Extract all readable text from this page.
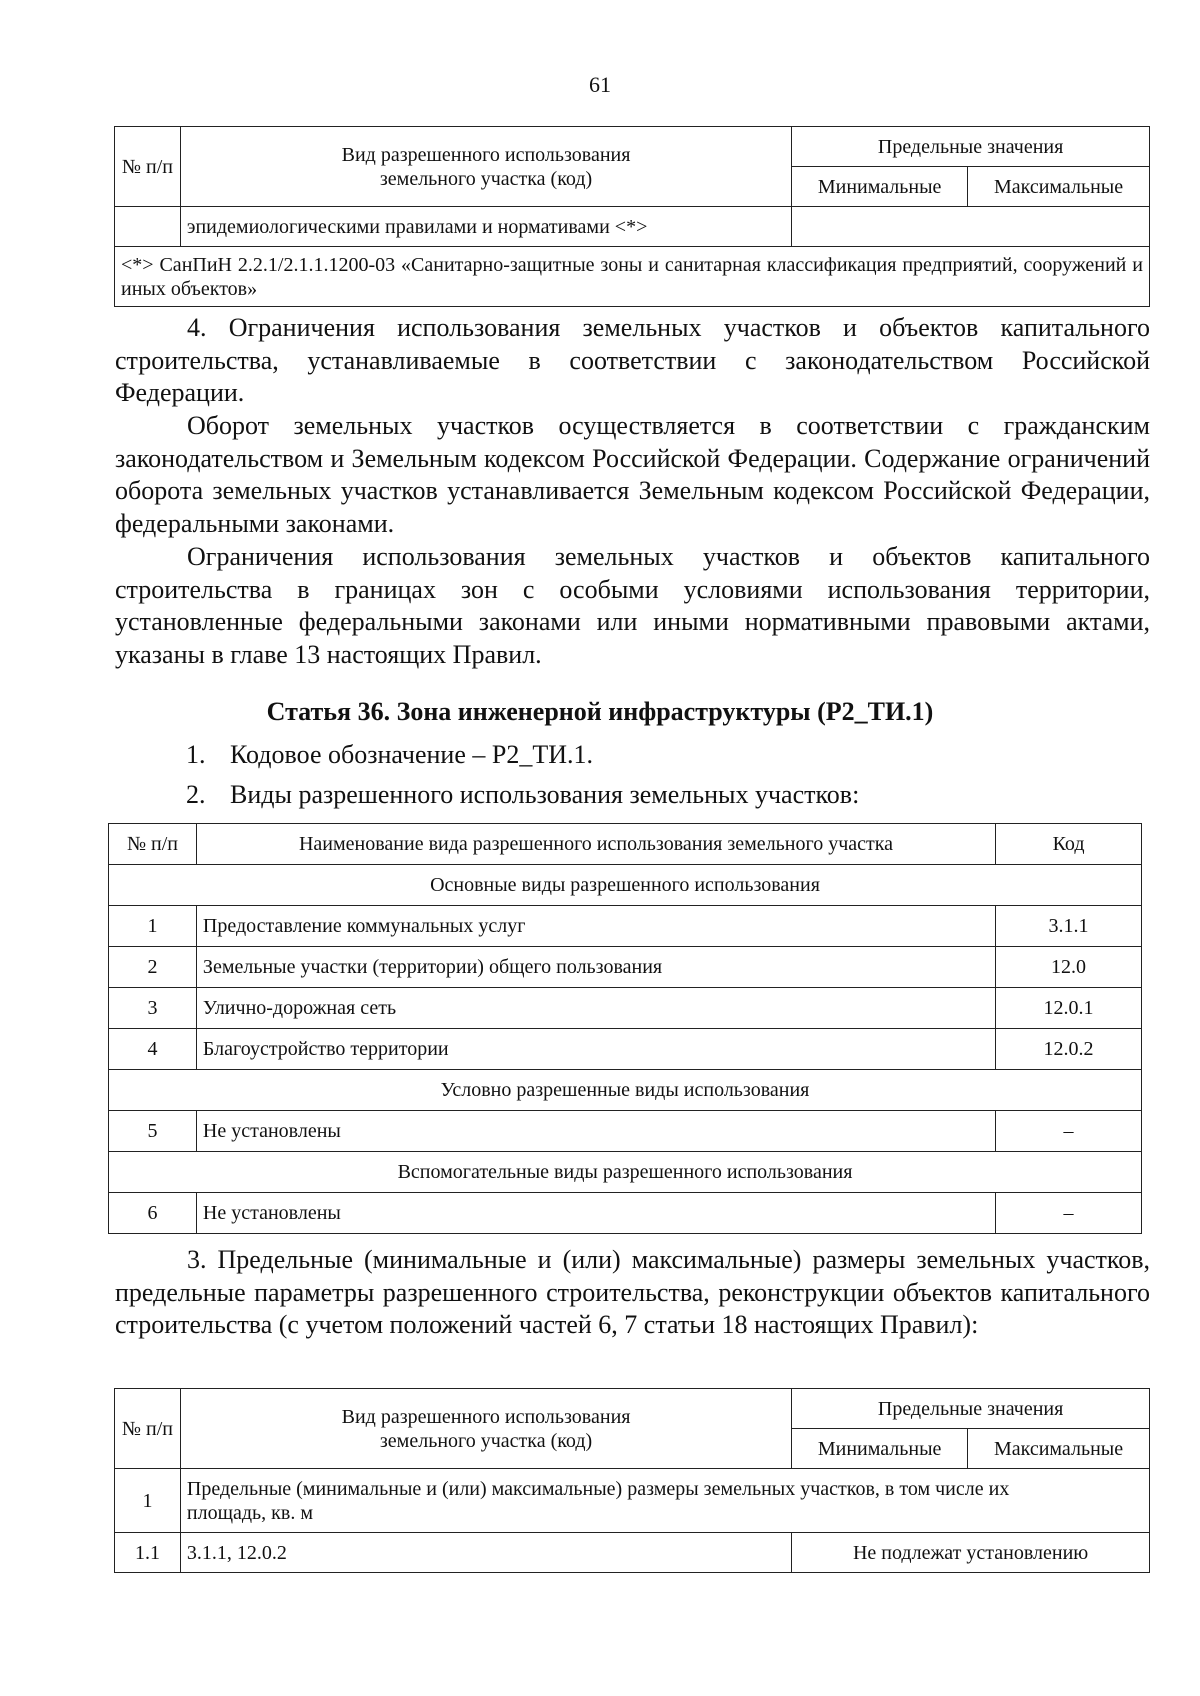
61
№ п/п	Вид разрешенного использования земельного участка (код)	Предельные значения	
		Минимальные	Максимальные
	эпидемиологическими правилами и нормативами <*>		
<*> СанПиН 2.2.1/2.1.1.1200-03 «Санитарно-защитные зоны и санитарная классификация предприятий, сооружений и иных объектов»			

4. Ограничения использования земельных участков и объектов капитального строительства, устанавливаемые в соответствии с законодательством Российской Федерации.

Оборот земельных участков осуществляется в соответствии с гражданским законодательством и Земельным кодексом Российской Федерации. Содержание ограничений оборота земельных участков устанавливается Земельным кодексом Российской Федерации, федеральными законами.

Ограничения использования земельных участков и объектов капитального строительства в границах зон с особыми условиями использования территории, установленные федеральными законами или иными нормативными правовыми актами, указаны в главе 13 настоящих Правил.

Статья 36. Зона инженерной инфраструктуры (Р2_ТИ.1)
1. Кодовое обозначение – Р2_ТИ.1.
2. Виды разрешенного использования земельных участков:
№ п/п	Наименование вида разрешенного использования земельного участка	Код
Основные виды разрешенного использования		
1	Предоставление коммунальных услуг	3.1.1
2	Земельные участки (территории) общего пользования	12.0
3	Улично-дорожная сеть	12.0.1
4	Благоустройство территории	12.0.2
Условно разрешенные виды использования		
5	Не установлены	–
Вспомогательные виды разрешенного использования		
6	Не установлены	–

3. Предельные (минимальные и (или) максимальные) размеры земельных участков, предельные параметры разрешенного строительства, реконструкции объектов капитального строительства (с учетом положений частей 6, 7 статьи 18 настоящих Правил):

№ п/п	Вид разрешенного использования земельного участка (код)	Предельные значения	
		Минимальные	Максимальные
1	Предельные (минимальные и (или) максимальные) размеры земельных участков, в том числе их площадь, кв. м		
1.1	3.1.1, 12.0.2	Не подлежат установлению	
